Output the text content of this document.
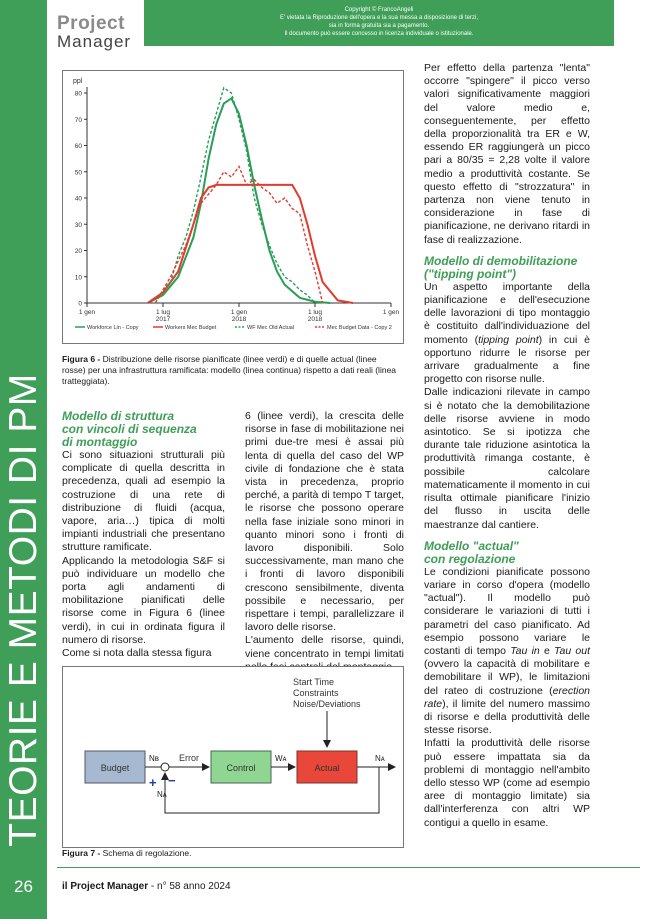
TEORIE E METODI DI PM
26
Project
Manager
Copyright © FrancoAngeli
E' vietata la Riproduzione dell'opera e la sua messa a disposizione di terzi,
sia in forma gratuita sia a pagamento.
Il documento può essere concesso in licenza individuale o istituzionale.
ppl
0
10
20
30
40
50
60
70
80
1 gen	1 lug
2017
1 gen
2018
1 lug
2018
1 gen
Workforce Lin - Copy	Workers Mec Budget	WF Mec Old Actual	Mec Budget Data - Copy 2
Figura 6 - Distribuzione delle risorse pianificate (linee verdi) e di quelle actual (linee rosse) per una infrastruttura ramificata: modello (linea continua) rispetto a dati reali (linea tratteggiata).

Modello di struttura
con vincoli di sequenza
di montaggio

Ci sono situazioni strutturali più complicate di quella descritta in precedenza, quali ad esempio la costruzione di una rete di distribuzione di fluidi (acqua, vapore, aria…) tipica di molti impianti industriali che presentano strutture ramificate.

Applicando la metodologia S&F si può individuare un modello che porta agli andamenti di mobilitazione pianificati delle risorse come in Figura 6 (linee verdi), in cui in ordinata figura il numero di risorse.

Come si nota dalla stessa figura

6 (linee verdi), la crescita delle risorse in fase di mobilitazione nei primi due-tre mesi è assai più lenta di quella del caso del WP civile di fondazione che è stata vista in precedenza, proprio perché, a parità di tempo T target, le risorse che possono operare nella fase iniziale sono minori in quanto minori sono i fronti di lavoro disponibili. Solo successivamente, man mano che i fronti di lavoro disponibili crescono sensibilmente, diventa possibile e necessario, per rispettare i tempi, parallelizzare il lavoro delle risorse.

L'aumento delle risorse, quindi, viene concentrato in tempi limitati

Per effetto della partenza "lenta" occorre "spingere" il picco verso valori significativamente maggiori del valore medio e, conseguentemente, per effetto della proporzionalità tra ER e W, essendo ER raggiungerà un picco pari a 80/35 = 2,28 volte il valore medio a produttività costante. Se questo effetto di "strozzatura" in partenza non viene tenuto in considerazione in fase di pianificazione, ne derivano ritardi in fase di realizzazione.

Modello di demobilitazione
("tipping point")

Un aspetto importante della pianificazione e dell'esecuzione delle lavorazioni di tipo montaggio è costituito dall'individuazione del momento (tipping point) in cui è opportuno ridurre le risorse per arrivare gradualmente a fine progetto con risorse nulle.

Dalle indicazioni rilevate in campo si è notato che la demobilitazione delle risorse avviene in modo asintotico. Se si ipotizza che durante tale riduzione asintotica la produttività rimanga costante, è possibile calcolare matematicamente il momento in cui risulta ottimale pianificare l'inizio del flusso in uscita delle maestranze dal cantiere.

Modello "actual"
con regolazione

Le condizioni pianificate possono variare in corso d'opera (modello "actual"). Il modello può considerare le variazioni di tutti i parametri del caso pianificato. Ad esempio possono variare le costanti di tempo Tau in e Tau out (ovvero la capacità di mobilitare e demobilitare il WP), le limitazioni del rateo di costruzione (erection rate), il limite del numero massimo di risorse e della produttività delle stesse risorse.

Infatti la produttività delle risorse può essere impattata sia da problemi di montaggio nell'ambito dello stesso WP (come ad esempio aree di montaggio limitate) sia dall'interferenza con altri WP contigui a quello in esame.

Start Time
Constraints
Noise/Deviations
Budget
Nʙ
+ −
Error
Control
Wᴀ
Actual
Nᴀ
Nᴀ
Figura 7 - Schema di regolazione.
il Project Manager - n° 58 anno 2024
